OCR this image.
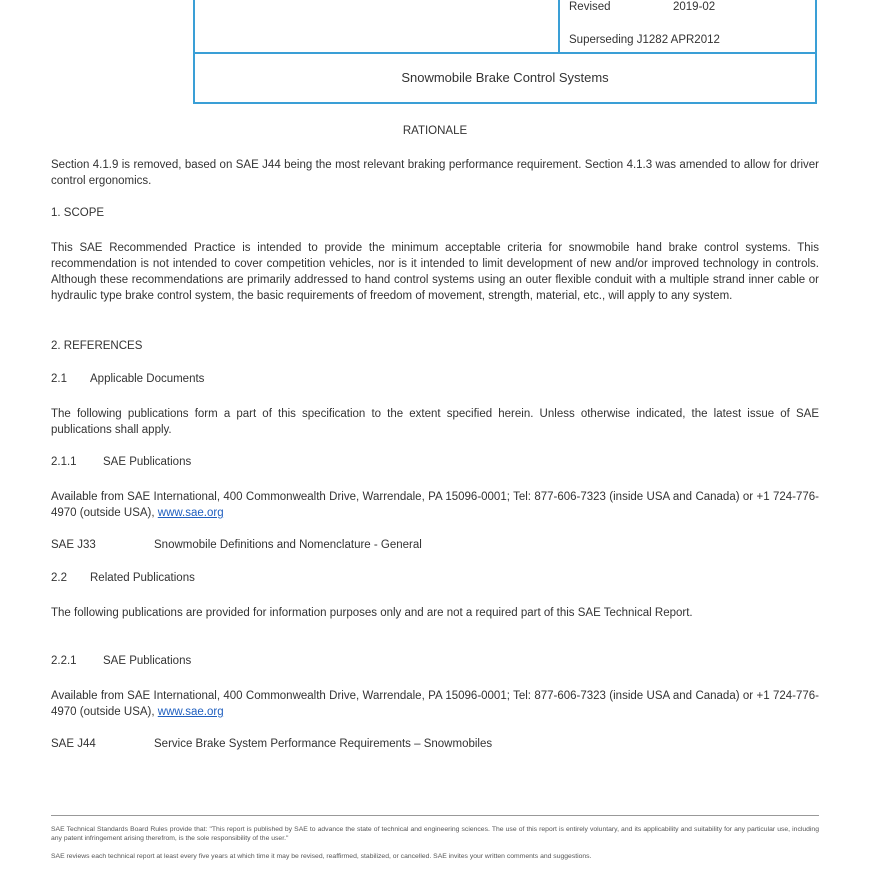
Revised	2019-02
Superseding J1282 APR2012
Snowmobile Brake Control Systems
RATIONALE
Section 4.1.9 is removed, based on SAE J44 being the most relevant braking performance requirement. Section 4.1.3 was amended to allow for driver control ergonomics.
1. SCOPE
This SAE Recommended Practice is intended to provide the minimum acceptable criteria for snowmobile hand brake control systems. This recommendation is not intended to cover competition vehicles, nor is it intended to limit development of new and/or improved technology in controls. Although these recommendations are primarily addressed to hand control systems using an outer flexible conduit with a multiple strand inner cable or hydraulic type brake control system, the basic requirements of freedom of movement, strength, material, etc., will apply to any system.
2. REFERENCES
2.1 Applicable Documents
The following publications form a part of this specification to the extent specified herein. Unless otherwise indicated, the latest issue of SAE publications shall apply.
2.1.1 SAE Publications
Available from SAE International, 400 Commonwealth Drive, Warrendale, PA 15096-0001; Tel: 877-606-7323 (inside USA and Canada) or +1 724-776-4970 (outside USA), www.sae.org
SAE J33	Snowmobile Definitions and Nomenclature - General
2.2 Related Publications
The following publications are provided for information purposes only and are not a required part of this SAE Technical Report.
2.2.1 SAE Publications
Available from SAE International, 400 Commonwealth Drive, Warrendale, PA 15096-0001; Tel: 877-606-7323 (inside USA and Canada) or +1 724-776-4970 (outside USA), www.sae.org
SAE J44	Service Brake System Performance Requirements – Snowmobiles
SAE Technical Standards Board Rules provide that: "This report is published by SAE to advance the state of technical and engineering sciences. The use of this report is entirely voluntary, and its applicability and suitability for any particular use, including any patent infringement arising therefrom, is the sole responsibility of the user."
SAE reviews each technical report at least every five years at which time it may be revised, reaffirmed, stabilized, or cancelled. SAE invites your written comments and suggestions.
